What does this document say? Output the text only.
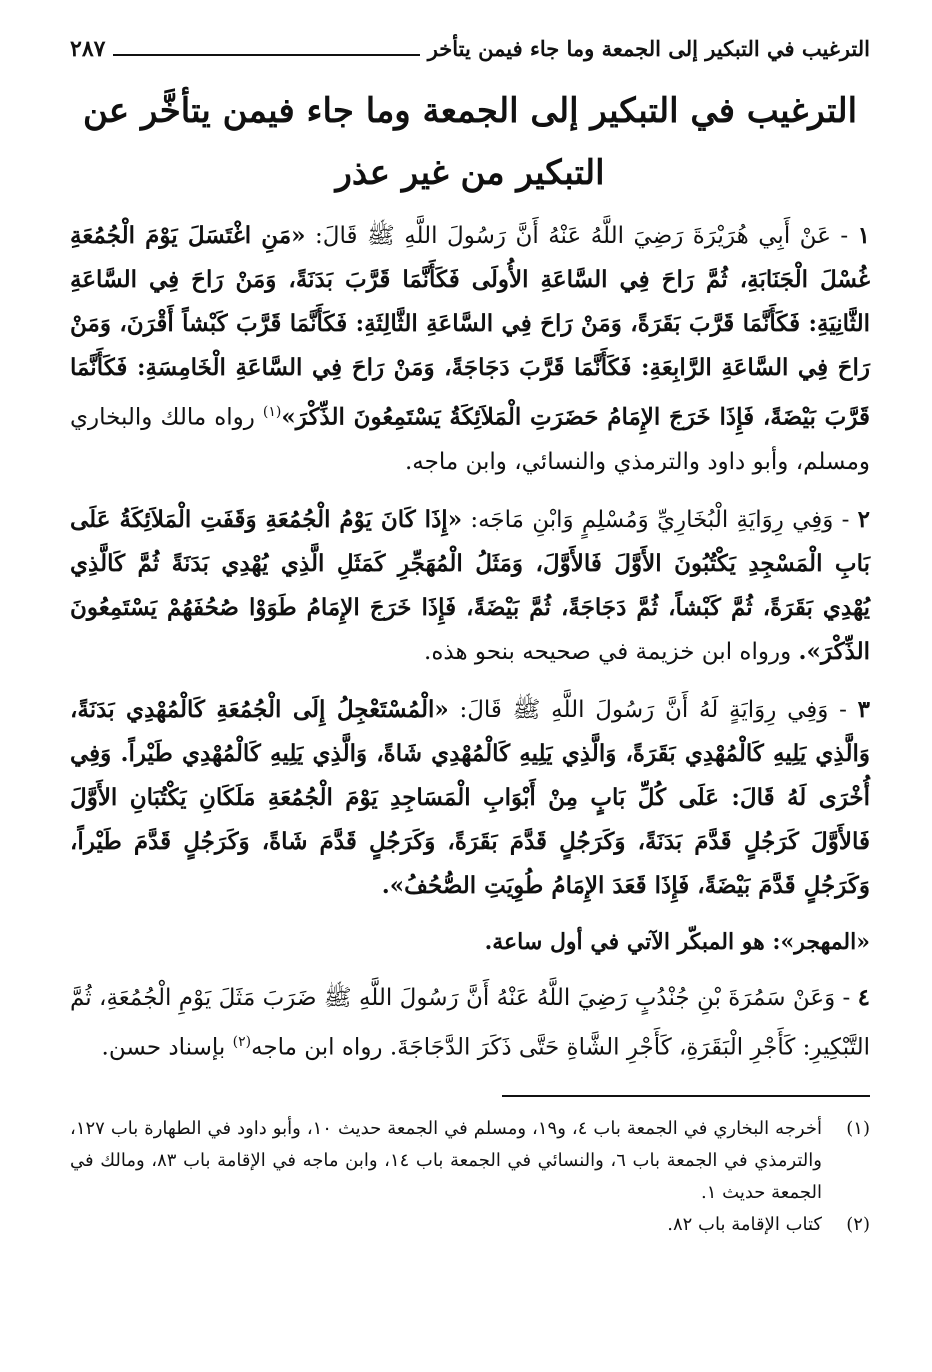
الترغيب في التبكير إلى الجمعة وما جاء فيمن يتأخر
٢٨٧
الترغيب في التبكير إلى الجمعة وما جاء فيمن يتأخَّر عن التبكير من غير عذر

١ - عَنْ أَبِي هُرَيْرَةَ رَضِيَ اللَّهُ عَنْهُ أَنَّ رَسُولَ اللَّهِ ﷺ قَالَ: «مَنِ اغْتَسَلَ يَوْمَ الْجُمُعَةِ غُسْلَ الْجَنَابَةِ، ثُمَّ رَاحَ فِي السَّاعَةِ الأُولَى فَكَأَنَّمَا قَرَّبَ بَدَنَةً، وَمَنْ رَاحَ فِي السَّاعَةِ الثَّانِيَةِ: فَكَأَنَّمَا قَرَّبَ بَقَرَةً، وَمَنْ رَاحَ فِي السَّاعَةِ الثَّالِثَةِ: فَكَأَنَّمَا قَرَّبَ كَبْشاً أَقْرَنَ، وَمَنْ رَاحَ فِي السَّاعَةِ الرَّابِعَةِ: فَكَأَنَّمَا قَرَّبَ دَجَاجَةً، وَمَنْ رَاحَ فِي السَّاعَةِ الْخَامِسَةِ: فَكَأَنَّمَا قَرَّبَ بَيْضَةً، فَإِذَا خَرَجَ الإِمَامُ حَضَرَتِ الْمَلاَئِكَةُ يَسْتَمِعُونَ الذِّكْرَ»$^{(١)}$ رواه مالك والبخاري ومسلم، وأبو داود والترمذي والنسائي، وابن ماجه.

٢ - وَفِي رِوَايَةِ الْبُخَارِيِّ وَمُسْلِمٍ وَابْنِ مَاجَه: «إِذَا كَانَ يَوْمُ الْجُمُعَةِ وَقَفَتِ الْمَلاَئِكَةُ عَلَى بَابِ الْمَسْجِدِ يَكْتُبُونَ الأَوَّلَ فَالأَوَّلَ، وَمَثَلُ الْمُهَجِّرِ كَمَثَلِ الَّذِي يُهْدِي بَدَنَةً ثُمَّ كَالَّذِي يُهْدِي بَقَرَةً، ثُمَّ كَبْشاً، ثُمَّ دَجَاجَةً، ثُمَّ بَيْضَةً، فَإِذَا خَرَجَ الإِمَامُ طَوَوْا صُحُفَهُمْ يَسْتَمِعُونَ الذِّكْرَ». ورواه ابن خزيمة في صحيحه بنحو هذه.

٣ - وَفِي رِوَايَةٍ لَهُ أَنَّ رَسُولَ اللَّهِ ﷺ قَالَ: «الْمُسْتَعْجِلُ إِلَى الْجُمُعَةِ كَالْمُهْدِي بَدَنَةً، وَالَّذِي يَلِيهِ كَالْمُهْدِي بَقَرَةً، وَالَّذِي يَلِيهِ كَالْمُهْدِي شَاةً، وَالَّذِي يَلِيهِ كَالْمُهْدِي طَيْراً. وَفِي أُخْرَى لَهُ قَالَ: عَلَى كُلِّ بَابٍ مِنْ أَبْوَابِ الْمَسَاجِدِ يَوْمَ الْجُمُعَةِ مَلَكَانِ يَكْتُبَانِ الأَوَّلَ فَالأَوَّلَ كَرَجُلٍ قَدَّمَ بَدَنَةً، وَكَرَجُلٍ قَدَّمَ بَقَرَةً، وَكَرَجُلٍ قَدَّمَ شَاةً، وَكَرَجُلٍ قَدَّمَ طَيْراً، وَكَرَجُلٍ قَدَّمَ بَيْضَةً، فَإِذَا قَعَدَ الإِمَامُ طُوِيَتِ الصُّحُفُ».

«المهجر»: هو المبكّر الآتي في أول ساعة.

٤ - وَعَنْ سَمُرَةَ بْنِ جُنْدُبٍ رَضِيَ اللَّهُ عَنْهُ أَنَّ رَسُولَ اللَّهِ ﷺ ضَرَبَ مَثَلَ يَوْمِ الْجُمُعَةِ، ثُمَّ التَّبْكِيرِ: كَأَجْرِ الْبَقَرَةِ، كَأَجْرِ الشَّاةِ حَتَّى ذَكَرَ الدَّجَاجَةَ. رواه ابن ماجه$^{(٢)}$ بإسناد حسن.

(١)
أخرجه البخاري في الجمعة باب ٤، و١٩، ومسلم في الجمعة حديث ١٠، وأبو داود في الطهارة باب ١٢٧، والترمذي في الجمعة باب ٦، والنسائي في الجمعة باب ١٤، وابن ماجه في الإقامة باب ٨٣، ومالك في الجمعة حديث ١.
(٢)
كتاب الإقامة باب ٨٢.
